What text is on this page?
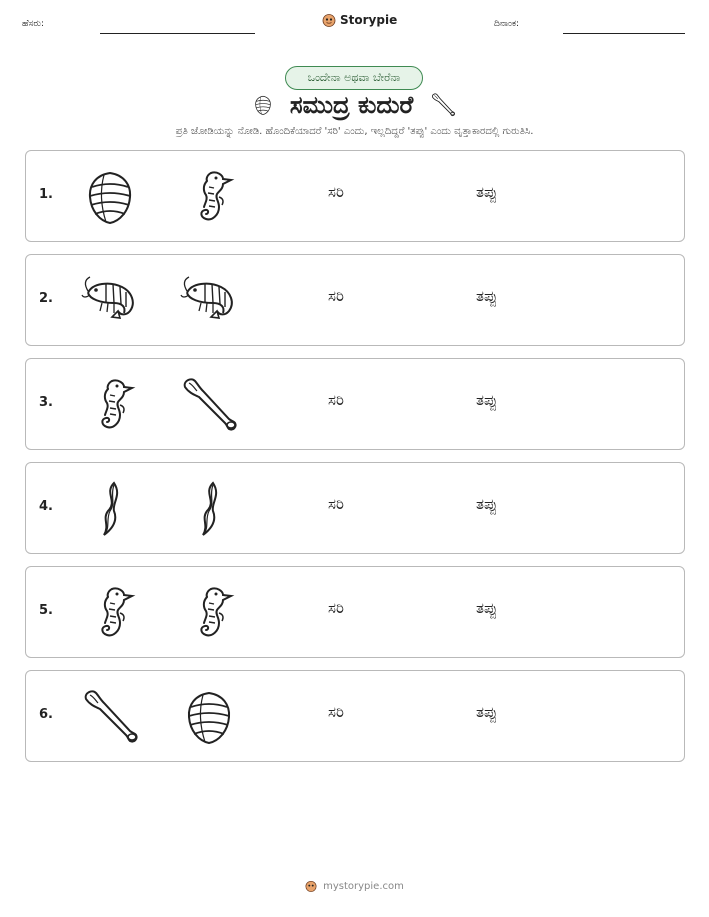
ಹೆಸರು:	Storypie	ದಿನಾಂಕ:
ಒಂದೇನಾ ಅಥವಾ ಬೇರೆನಾ
ಸಮುದ್ರ ಕುದುರೆ
ಪ್ರತಿ ಜೋಡಿಯನ್ನು ನೋಡಿ. ಹೊಂದಿಕೆಯಾದರೆ 'ಸರಿ' ಎಂದು, ಇಲ್ಲದಿದ್ದರೆ 'ತಪ್ಪು' ಎಂದು ವೃತ್ತಾಕಾರದಲ್ಲಿ ಗುರುತಿಸಿ.
1.	ಸರಿ	ತಪ್ಪು
2.	ಸರಿ	ತಪ್ಪು
3.	ಸರಿ	ತಪ್ಪು
4.	ಸರಿ	ತಪ್ಪು
5.	ಸರಿ	ತಪ್ಪು
6.	ಸರಿ	ತಪ್ಪು
mystorypie.com
